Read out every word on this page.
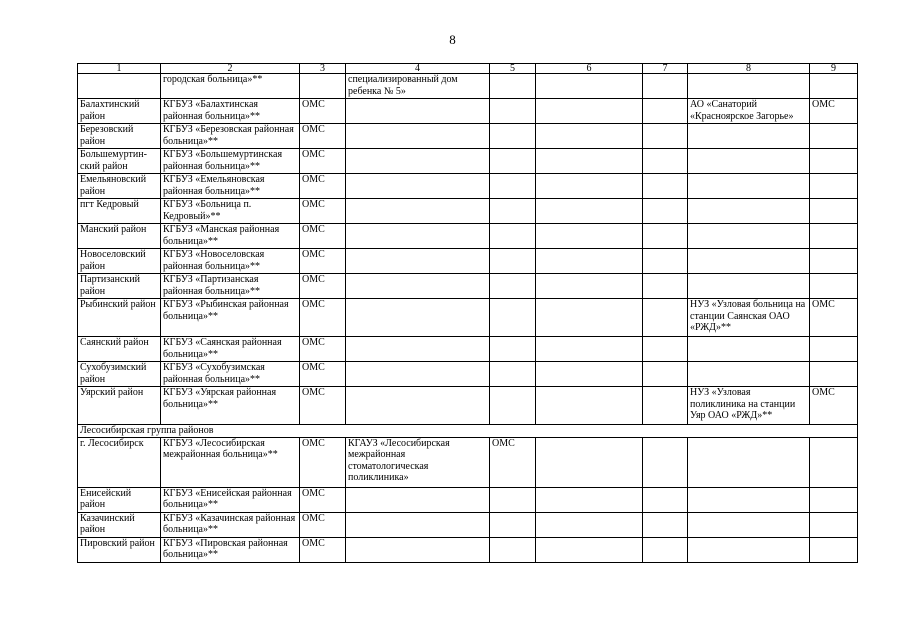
8
1	2	3	4	5	6	7	8	9
	городская больница»**		специализированный дом ребенка № 5»					
Балахтинский район	КГБУЗ «Балахтинская районная больница»**	ОМС					АО «Санаторий «Красноярское Загорье»	ОМС
Березовский район	КГБУЗ «Березовская районная больница»**	ОМС						
Большемуртин-ский район	КГБУЗ «Большемуртинская районная больница»**	ОМС						
Емельяновский район	КГБУЗ «Емельяновская районная больница»**	ОМС						
пгт Кедровый	КГБУЗ «Больница п. Кедровый»**	ОМС						
Манский район	КГБУЗ «Манская районная больница»**	ОМС						
Новоселовский район	КГБУЗ «Новоселовская районная больница»**	ОМС						
Партизанский район	КГБУЗ «Партизанская районная больница»**	ОМС						
Рыбинский район	КГБУЗ «Рыбинская районная больница»**	ОМС					НУЗ «Узловая больница на станции Саянская ОАО «РЖД»**	ОМС
Саянский район	КГБУЗ «Саянская районная больница»**	ОМС						
Сухобузимский район	КГБУЗ «Сухобузимская районная больница»**	ОМС						
Уярский район	КГБУЗ «Уярская районная больница»**	ОМС					НУЗ «Узловая поликлиника на станции Уяр ОАО «РЖД»**	ОМС
Лесосибирская группа районов								
г. Лесосибирск	КГБУЗ «Лесосибирская межрайонная больница»**	ОМС	КГАУЗ «Лесосибирская межрайонная стоматологическая поликлиника»	ОМС				
Енисейский район	КГБУЗ «Енисейская районная больница»**	ОМС						
Казачинский район	КГБУЗ «Казачинская районная больница»**	ОМС						
Пировский район	КГБУЗ «Пировская районная больница»**	ОМС						
